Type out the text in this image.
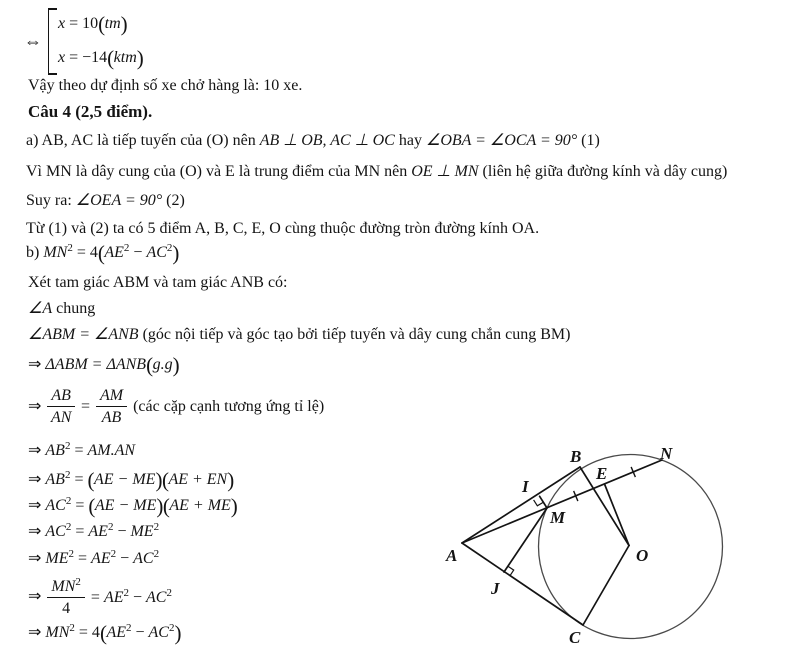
A
B
C
E
I
J
M
N
O
⇔
x = 10(tm)
x = −14(ktm)
Vậy theo dự định số xe chở hàng là: 10 xe.
Câu 4 (2,5 điểm).
a) AB, AC là tiếp tuyến của (O) nên AB ⊥ OB, AC ⊥ OC hay ∠OBA = ∠OCA = 90° (1)
Vì MN là dây cung của (O) và E là trung điểm của MN nên OE ⊥ MN (liên hệ giữa đường kính và dây cung)
Suy ra: ∠OEA = 90° (2)
Từ (1) và (2) ta có 5 điểm A, B, C, E, O cùng thuộc đường tròn đường kính OA.
b) $MN^2 = 4(AE^2 - AC^2)$
Xét tam giác ABM và tam giác ANB có:
∠A chung
∠ABM = ∠ANB (góc nội tiếp và góc tạo bởi tiếp tuyến và dây cung chắn cung BM)
⇒ ΔABM = ΔANB(g.g)
⇒ $\frac{AB}{AN} = \frac{AM}{AB}$ (các cặp cạnh tương ứng tỉ lệ)
⇒ $AB^2 = AM.AN$
⇒ $AB^2 = (AE - ME)(AE + EN)$
⇒ $AC^2 = (AE - ME)(AE + ME)$
⇒ $AC^2 = AE^2 - ME^2$
⇒ $ME^2 = AE^2 - AC^2$
⇒ $\frac{MN^2}{4} = AE^2 - AC^2$
⇒ $MN^2 = 4(AE^2 - AC^2)$
